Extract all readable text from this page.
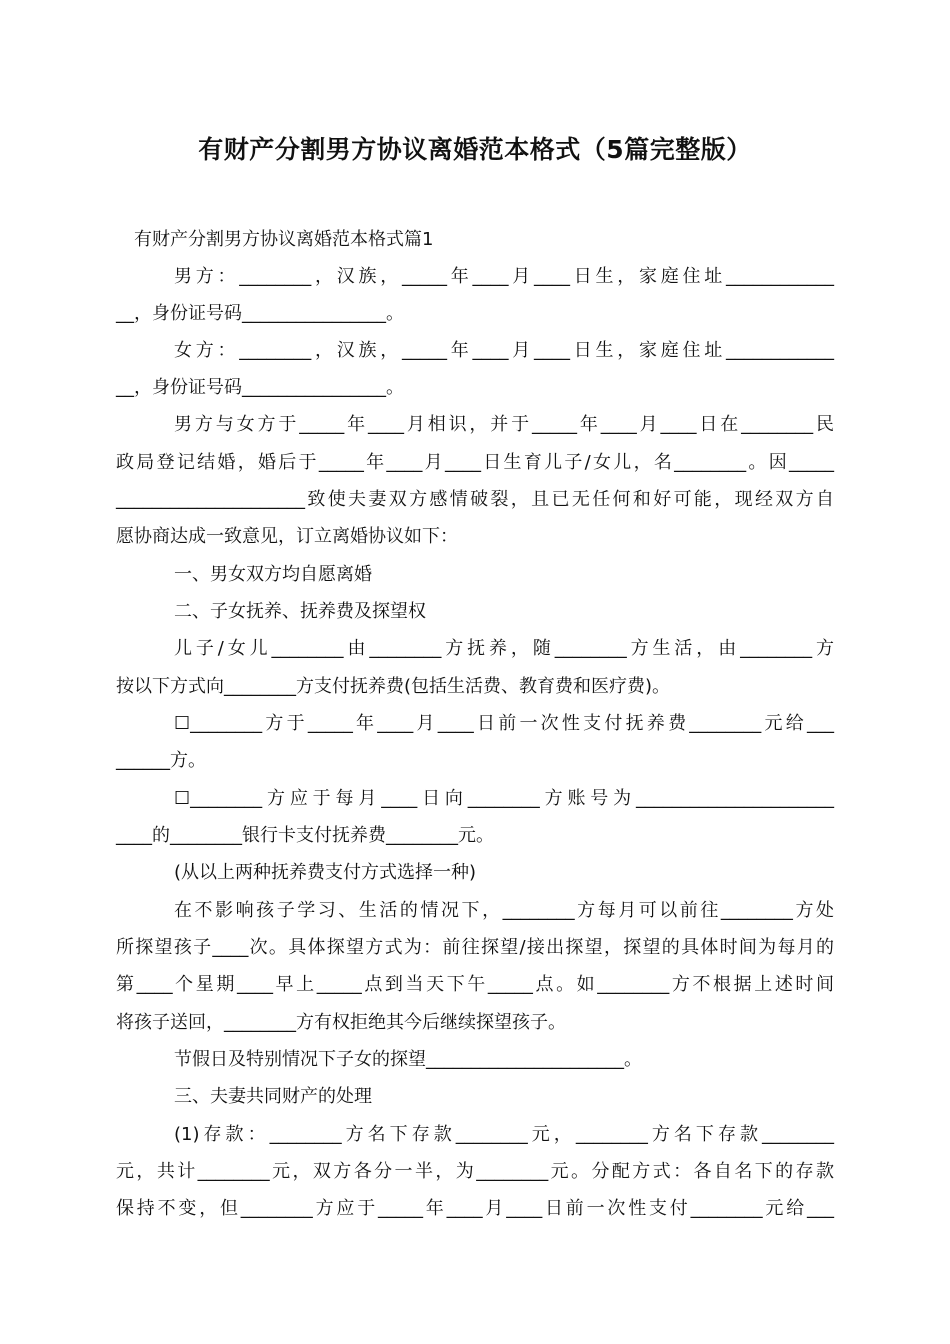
有财产分割男方协议离婚范本格式（5篇完整版）
有财产分割男方协议离婚范本格式篇1
男方：________，汉族，_____年____月____日生，家庭住址____________
__，身份证号码________________。
女方：________，汉族，_____年____月____日生，家庭住址____________
__，身份证号码________________。
男方与女方于_____年____月相识，并于_____年____月____日在________民
政局登记结婚，婚后于_____年____月____日生育儿子/女儿，名________。因_____
_____________________致使夫妻双方感情破裂，且已无任何和好可能，现经双方自
愿协商达成一致意见，订立离婚协议如下：
一、男女双方均自愿离婚
二、子女抚养、抚养费及探望权
儿子/女儿________由________方抚养，随________方生活，由________方
按以下方式向________方支付抚养费(包括生活费、教育费和医疗费)。
☐________方于_____年____月____日前一次性支付抚养费________元给___
______方。
☐________方应于每月____日向________方账号为______________________
____的________银行卡支付抚养费________元。
(从以上两种抚养费支付方式选择一种)
在不影响孩子学习、生活的情况下，________方每月可以前往________方处
所探望孩子____次。具体探望方式为：前往探望/接出探望，探望的具体时间为每月的
第____个星期____早上_____点到当天下午_____点。如________方不根据上述时间
将孩子送回，________方有权拒绝其今后继续探望孩子。
节假日及特别情况下子女的探望______________________。
三、夫妻共同财产的处理
(1)存款：________方名下存款________元，________方名下存款________
元，共计________元，双方各分一半，为________元。分配方式：各自名下的存款
保持不变，但________方应于_____年____月____日前一次性支付________元给___
